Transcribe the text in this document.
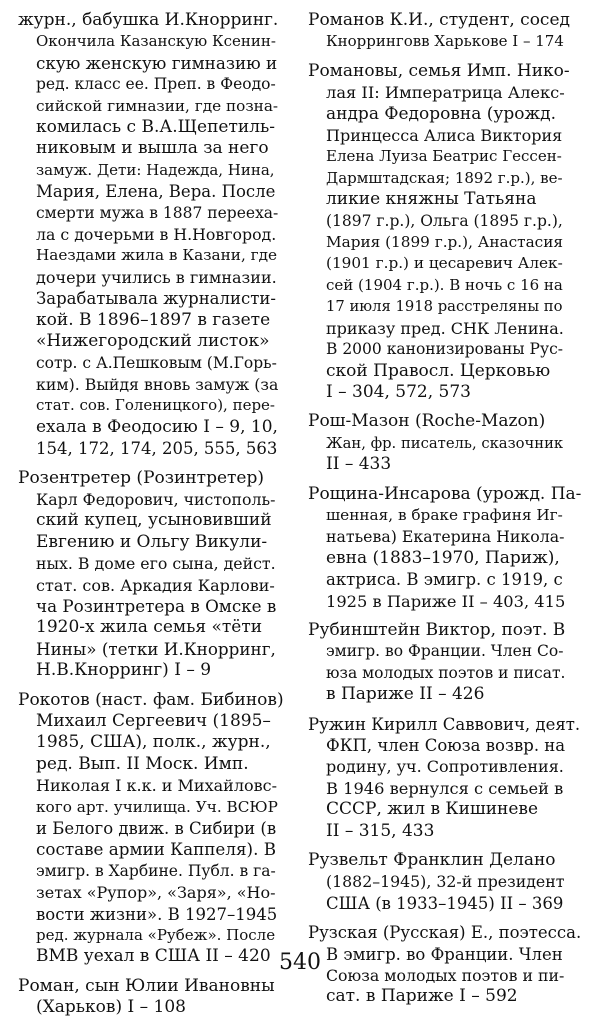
журн., бабушка И.Кнорринг.
Окончила Казанскую Ксенин-
скую женскую гимназию и
ред. класс ее. Преп. в Феодо-
сийской гимназии, где позна-
комилась с В.А.Щепетиль-
никовым и вышла за него
замуж. Дети: Надежда, Нина,
Мария, Елена, Вера. После
смерти мужа в 1887 перееха-
ла с дочерьми в Н.Новгород.
Наездами жила в Казани, где
дочери учились в гимназии.
Зарабатывала журналисти-
кой. В 1896–1897 в газете
«Нижегородский листок»
сотр. с А.Пешковым (М.Горь-
ким). Выйдя вновь замуж (за
стат. сов. Голеницкого), пере-
ехала в Феодосию I – 9, 10,
154, 172, 174, 205, 555, 563
Розентретер (Розинтретер)
Карл Федорович, чистополь-
ский купец, усыновивший
Евгению и Ольгу Викули-
ных. В доме его сына, дейст.
стат. сов. Аркадия Карлови-
ча Розинтретера в Омске в
1920-х жила семья «тёти
Нины» (тетки И.Кнорринг,
Н.В.Кнорринг) I – 9
Рокотов (наст. фам. Бибинов)
Михаил Сергеевич (1895–
1985, США), полк., журн.,
ред. Вып. II Моск. Имп.
Николая I к.к. и Михайловс-
кого арт. училища. Уч. ВСЮР
и Белого движ. в Сибири (в
составе армии Каппеля). В
эмигр. в Харбине. Публ. в га-
зетах «Рупор», «Заря», «Но-
вости жизни». В 1927–1945
ред. журнала «Рубеж». После
ВМВ уехал в США II – 420
Роман, сын Юлии Ивановны
(Харьков) I – 108
Романов К.И., студент, сосед
Кнорринговв Харькове I – 174
Романовы, семья Имп. Нико-
лая II: Императрица Алекс-
андра Федоровна (урожд.
Принцесса Алиса Виктория
Елена Луиза Беатрис Гессен-
Дармштадская; 1892 г.р.), ве-
ликие княжны Татьяна
(1897 г.р.), Ольга (1895 г.р.),
Мария (1899 г.р.), Анастасия
(1901 г.р.) и цесаревич Алек-
сей (1904 г.р.). В ночь с 16 на
17 июля 1918 расстреляны по
приказу пред. СНК Ленина.
В 2000 канонизированы Рус-
ской Правосл. Церковью
I – 304, 572, 573
Рош-Мазон (Roche-Mazon)
Жан, фр. писатель, сказочник
II – 433
Рощина-Инсарова (урожд. Па-
шенная, в браке графиня Иг-
натьева) Екатерина Никола-
евна (1883–1970, Париж),
актриса. В эмигр. с 1919, с
1925 в Париже II – 403, 415
Рубинштейн Виктор, поэт. В
эмигр. во Франции. Член Со-
юза молодых поэтов и писат.
в Париже II – 426
Ружин Кирилл Саввович, деят.
ФКП, член Союза возвр. на
родину, уч. Сопротивления.
В 1946 вернулся с семьей в
СССР, жил в Кишиневе
II – 315, 433
Рузвельт Франклин Делано
(1882–1945), 32-й президент
США (в 1933–1945) II – 369
Рузская (Русская) Е., поэтесса.
В эмигр. во Франции. Член
Союза молодых поэтов и пи-
сат. в Париже I – 592
540
